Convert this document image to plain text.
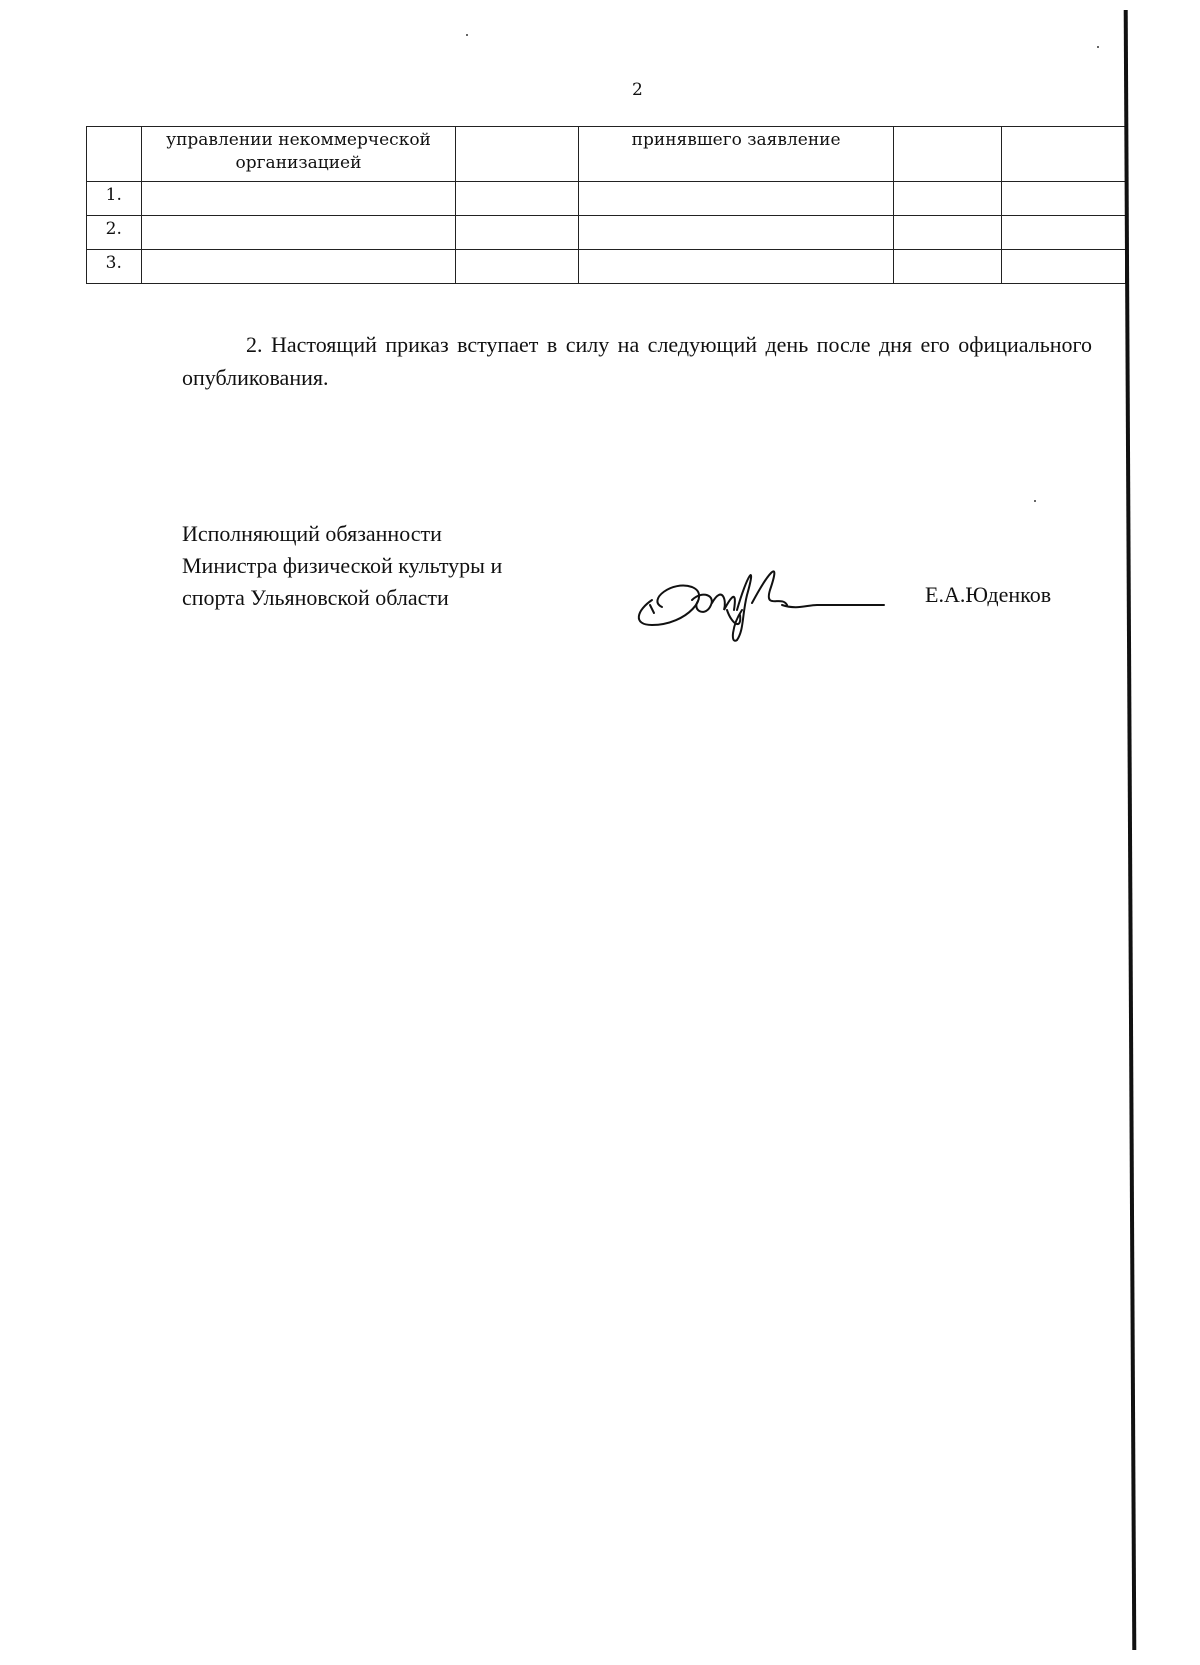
2
	управлении некоммерческой организацией		принявшего заявление		
1.					
2.					
3.					

2. Настоящий приказ вступает в силу на следующий день после дня его официального опубликования.

Исполняющий обязанности
Министра физической культуры и
спорта Ульяновской области	Е.А.Юденков
